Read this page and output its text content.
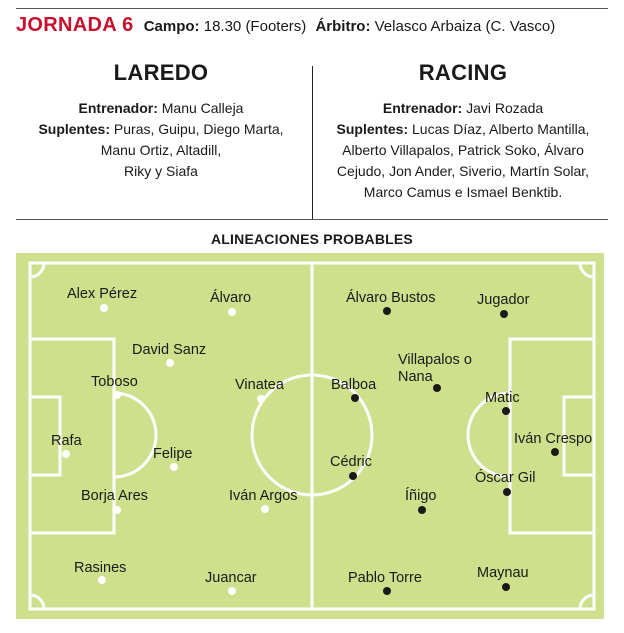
JORNADA 6 Campo: 18.30 (Footers) Árbitro: Velasco Arbaiza (C. Vasco)
LAREDO
Entrenador: Manu Calleja
Suplentes: Puras, Guipu, Diego Marta,
Manu Ortiz, Altadill,
Riky y Siafa
RACING
Entrenador: Javi Rozada
Suplentes: Lucas Díaz, Alberto Mantilla,
Alberto Villapalos, Patrick Soko, Álvaro
Cejudo, Jon Ander, Siverio, Martín Solar,
Marco Camus e Ismael Benktib.
ALINEACIONES PROBABLES
Rafa
Alex Pérez
Toboso
Borja Ares
Rasines
David Sanz
Felipe
Álvaro
Vinatea
Iván Argos
Juancar
Álvaro Bustos
Balboa
Cédric
Pablo Torre
Villapalos o
Nana
Íñigo
Jugador
Matic
Óscar Gil
Maynau
Iván Crespo
